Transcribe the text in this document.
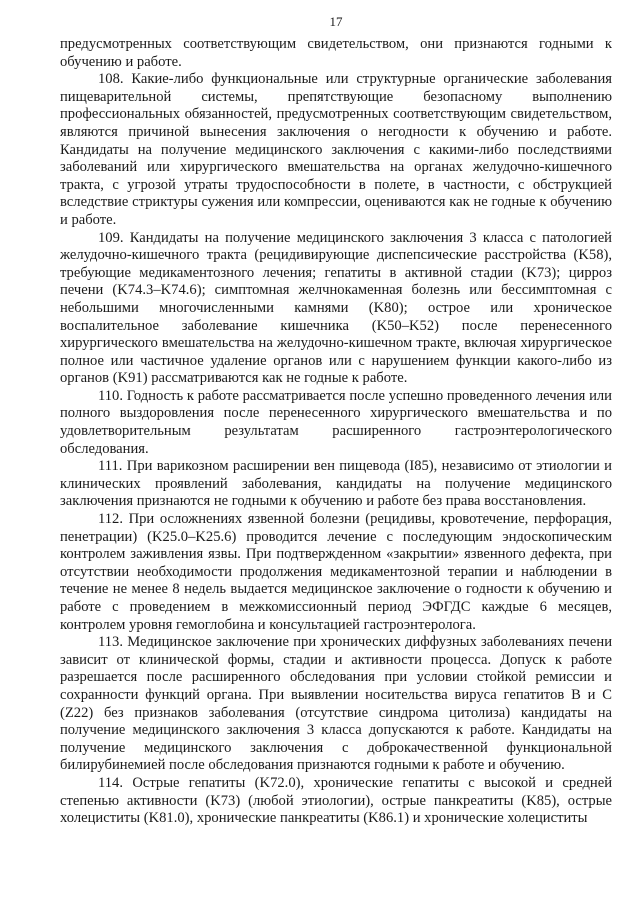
17

предусмотренных соответствующим свидетельством, они признаются годными к обучению и работе.

108. Какие-либо функциональные или структурные органические заболевания пищеварительной системы, препятствующие безопасному выполнению профессиональных обязанностей, предусмотренных соответствующим свидетельством, являются причиной вынесения заключения о негодности к обучению и работе. Кандидаты на получение медицинского заключения с какими-либо последствиями заболеваний или хирургического вмешательства на органах желудочно-кишечного тракта, с угрозой утраты трудоспособности в полете, в частности, с обструкцией вследствие стриктуры сужения или компрессии, оцениваются как не годные к обучению и работе.

109. Кандидаты на получение медицинского заключения 3 класса с патологией желудочно-кишечного тракта (рецидивирующие диспепсические расстройства (K58), требующие медикаментозного лечения; гепатиты в активной стадии (K73); цирроз печени (K74.3–K74.6); симптомная желчнокаменная болезнь или бессимптомная с небольшими многочисленными камнями (K80); острое или хроническое воспалительное заболевание кишечника (K50–K52) после перенесенного хирургического вмешательства на желудочно-кишечном тракте, включая хирургическое полное или частичное удаление органов или с нарушением функции какого-либо из органов (K91) рассматриваются как не годные к работе.

110. Годность к работе рассматривается после успешно проведенного лечения или полного выздоровления после перенесенного хирургического вмешательства и по удовлетворительным результатам расширенного гастроэнтерологического обследования.

111. При варикозном расширении вен пищевода (I85), независимо от этиологии и клинических проявлений заболевания, кандидаты на получение медицинского заключения признаются не годными к обучению и работе без права восстановления.

112. При осложнениях язвенной болезни (рецидивы, кровотечение, перфорация, пенетрации) (K25.0–K25.6) проводится лечение с последующим эндоскопическим контролем заживления язвы. При подтвержденном «закрытии» язвенного дефекта, при отсутствии необходимости продолжения медикаментозной терапии и наблюдении в течение не менее 8 недель выдается медицинское заключение о годности к обучению и работе с проведением в межкомиссионный период ЭФГДС каждые 6 месяцев, контролем уровня гемоглобина и консультацией гастроэнтеролога.

113. Медицинское заключение при хронических диффузных заболеваниях печени зависит от клинической формы, стадии и активности процесса. Допуск к работе разрешается после расширенного обследования при условии стойкой ремиссии и сохранности функций органа. При выявлении носительства вируса гепатитов B и C (Z22) без признаков заболевания (отсутствие синдрома цитолиза) кандидаты на получение медицинского заключения 3 класса допускаются к работе. Кандидаты на получение медицинского заключения с доброкачественной функциональной билирубинемией после обследования признаются годными к работе и обучению.

114. Острые гепатиты (K72.0), хронические гепатиты с высокой и средней степенью активности (K73) (любой этиологии), острые панкреатиты (K85), острые холециститы (K81.0), хронические панкреатиты (K86.1) и хронические холециститы
